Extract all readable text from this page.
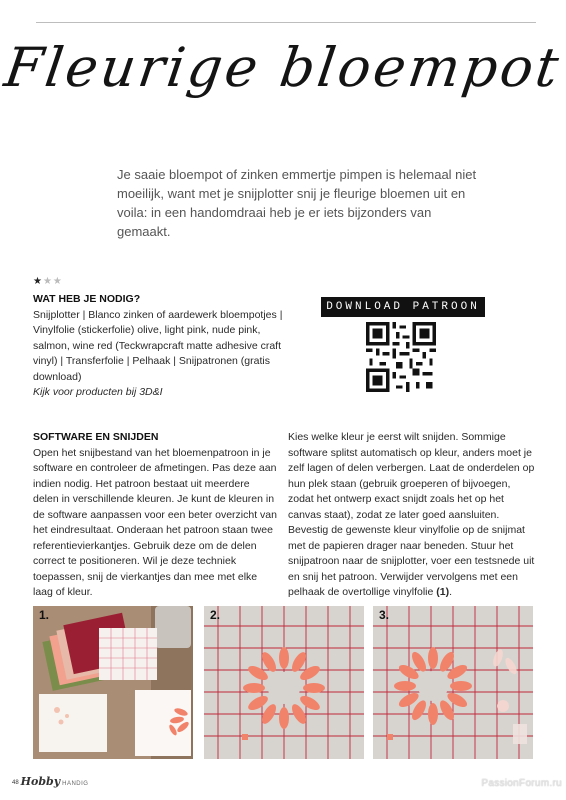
Fleurige bloempot
Je saaie bloempot of zinken emmertje pimpen is helemaal niet moeilijk, want met je snijplotter snij je fleurige bloemen uit en voila: in een handomdraai heb je er iets bijzonders van gemaakt.
★★★
WAT HEB JE NODIG?
Snijplotter | Blanco zinken of aardewerk bloempotjes | Vinylfolie (stickerfolie) olive, light pink, nude pink, salmon, wine red (Teckwrapcraft matte adhesive craft vinyl) | Transferfolie | Pelhaak | Snijpatronen (gratis download)
Kijk voor producten bij 3D&I
DOWNLOAD PATROON
SOFTWARE EN SNIJDEN
Open het snijbestand van het bloemenpatroon in je software en controleer de afmetingen. Pas deze aan indien nodig. Het patroon bestaat uit meerdere delen in verschillende kleuren. Je kunt de kleuren in de software aanpassen voor een beter overzicht van het eindresultaat. Onderaan het patroon staan twee referentievierkantjes. Gebruik deze om de delen correct te positioneren. Wil je deze techniek toepassen, snij de vierkantjes dan mee met elke laag of kleur.
Kies welke kleur je eerst wilt snijden. Sommige software splitst automatisch op kleur, anders moet je zelf lagen of delen verbergen. Laat de onderdelen op hun plek staan (gebruik groeperen of bijvoegen, zodat het ontwerp exact snijdt zoals het op het canvas staat), zodat ze later goed aansluiten. Bevestig de gewenste kleur vinylfolie op de snijmat met de papieren drager naar beneden. Stuur het snijpatroon naar de snijplotter, voer een testsnede uit en snij het patroon. Verwijder vervolgens met een pelhaak de overtollige vinylfolie (1).
1.	2.	3.
48 Hobby HANDIG	PassionForum.ru
